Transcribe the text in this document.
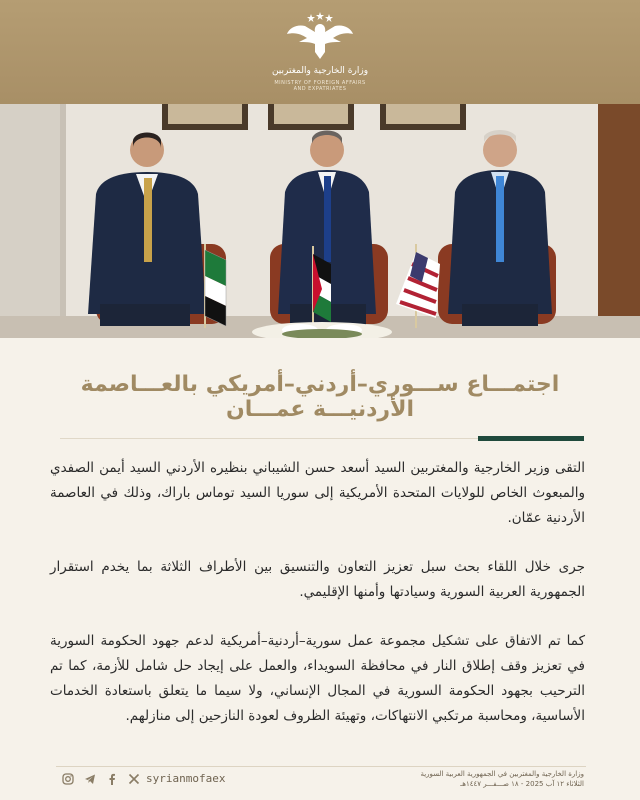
وزارة الخارجية والمغتربين
MINISTRY OF FOREIGN AFFAIRS AND EXPATRIATES
اجتمـــاع ســـوري–أردني–أمريكي بالعـــاصمة الأردنيـــة عمـــان

التقى وزير الخارجية والمغتربين السيد أسعد حسن الشيباني بنظيره الأردني السيد أيمن الصفدي والمبعوث الخاص للولايات المتحدة الأمريكية إلى سوريا السيد توماس باراك، وذلك في العاصمة الأردنية عمّان.

جرى خلال اللقاء بحث سبل تعزيز التعاون والتنسيق بين الأطراف الثلاثة بما يخدم استقرار الجمهورية العربية السورية وسيادتها وأمنها الإقليمي.

كما تم الاتفاق على تشكيل مجموعة عمل سورية–أردنية–أمريكية لدعم جهود الحكومة السورية في تعزيز وقف إطلاق النار في محافظة السويداء، والعمل على إيجاد حل شامل للأزمة، كما تم الترحيب بجهود الحكومة السورية في المجال الإنساني، ولا سيما ما يتعلق باستعادة الخدمات الأساسية، ومحاسبة مرتكبي الانتهاكات، وتهيئة الظروف لعودة النازحين إلى منازلهم.

syrianmofaex	وزارة الخارجية والمغتربين في الجمهورية العربية السورية
الثلاثاء ١٢ آب 2025 - ١٨ صـــفـــر ١٤٤٧هـ
